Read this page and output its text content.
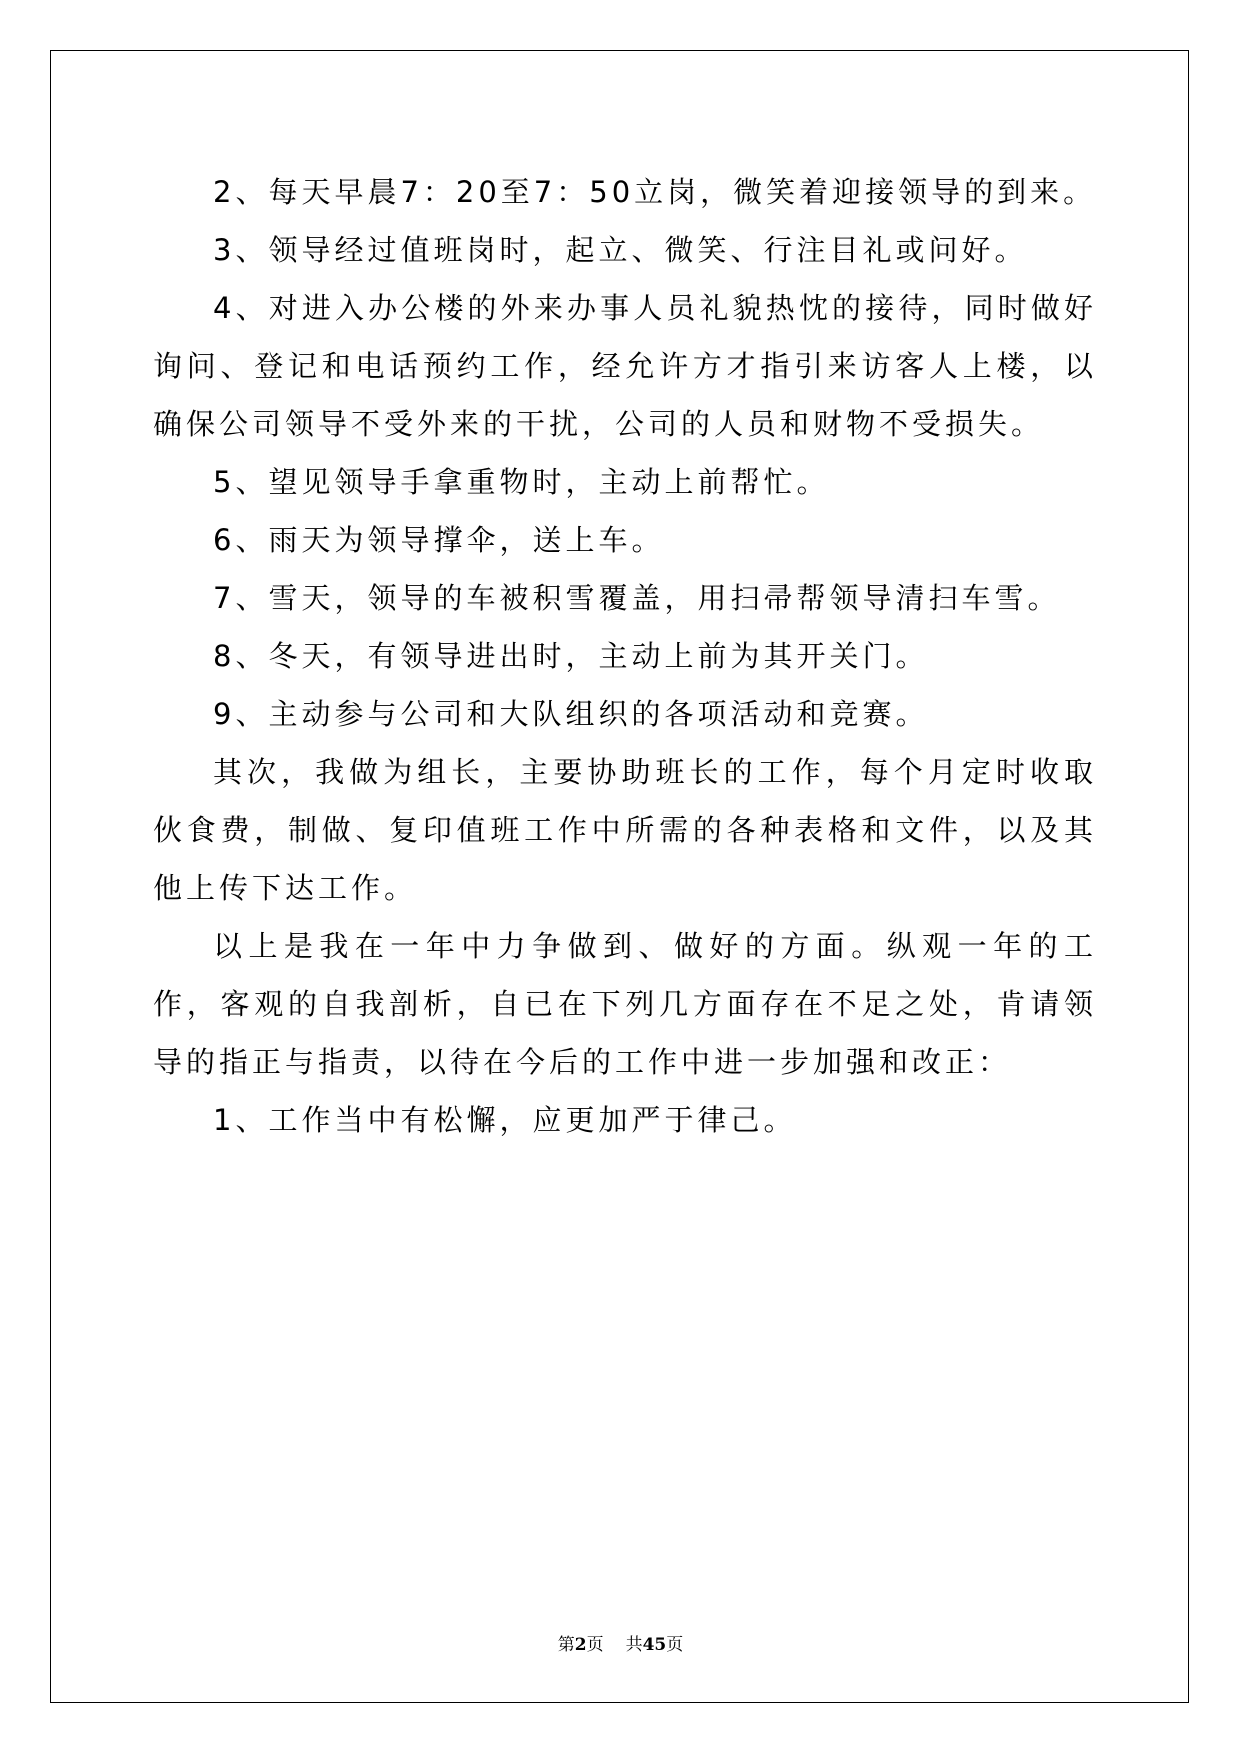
2、每天早晨7：20至7：50立岗，微笑着迎接领导的到来。

3、领导经过值班岗时，起立、微笑、行注目礼或问好。

4、对进入办公楼的外来办事人员礼貌热忱的接待，同时做好询问、登记和电话预约工作，经允许方才指引来访客人上楼，以确保公司领导不受外来的干扰，公司的人员和财物不受损失。

5、望见领导手拿重物时，主动上前帮忙。

6、雨天为领导撑伞，送上车。

7、雪天，领导的车被积雪覆盖，用扫帚帮领导清扫车雪。

8、冬天，有领导进出时，主动上前为其开关门。

9、主动参与公司和大队组织的各项活动和竞赛。

其次，我做为组长，主要协助班长的工作，每个月定时收取伙食费，制做、复印值班工作中所需的各种表格和文件，以及其他上传下达工作。

以上是我在一年中力争做到、做好的方面。纵观一年的工作，客观的自我剖析，自已在下列几方面存在不足之处，肯请领导的指正与指责，以待在今后的工作中进一步加强和改正：

1、工作当中有松懈，应更加严于律己。

第2页 共45页
